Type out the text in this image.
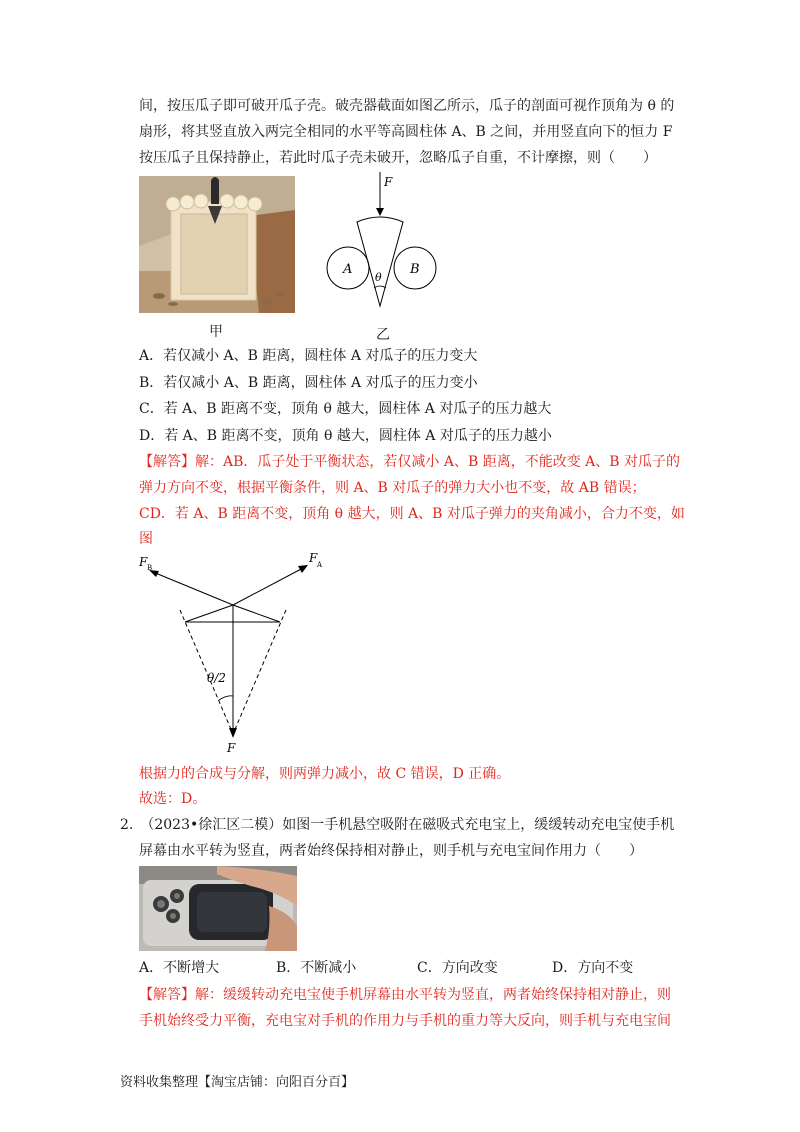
间，按压瓜子即可破开瓜子壳。破壳器截面如图乙所示，瓜子的剖面可视作顶角为 θ 的
扇形，将其竖直放入两完全相同的水平等高圆柱体 A、B 之间，并用竖直向下的恒力 F
按压瓜子且保持静止，若此时瓜子壳未破开，忽略瓜子自重，不计摩擦，则（　　）
甲
F
A	B
θ
乙
A．若仅减小 A、B 距离，圆柱体 A 对瓜子的压力变大
B．若仅减小 A、B 距离，圆柱体 A 对瓜子的压力变小
C．若 A、B 距离不变，顶角 θ 越大，圆柱体 A 对瓜子的压力越大
D．若 A、B 距离不变，顶角 θ 越大，圆柱体 A 对瓜子的压力越小
【解答】解：AB．瓜子处于平衡状态，若仅减小 A、B 距离，不能改变 A、B 对瓜子的
弹力方向不变，根据平衡条件，则 A、B 对瓜子的弹力大小也不变，故 AB 错误；
CD．若 A、B 距离不变，顶角 θ 越大，则 A、B 对瓜子弹力的夹角减小，合力不变，如
图
F B
F A
θ/2
F
根据力的合成与分解，则两弹力减小，故 C 错误，D 正确。
故选：D。
2.　（2023•徐汇区二模）如图一手机悬空吸附在磁吸式充电宝上，缓缓转动充电宝使手机
屏幕由水平转为竖直，两者始终保持相对静止，则手机与充电宝间作用力（　　）
A．不断增大	B．不断减小	C．方向改变	D．方向不变
【解答】解：缓缓转动充电宝使手机屏幕由水平转为竖直，两者始终保持相对静止，则
手机始终受力平衡，充电宝对手机的作用力与手机的重力等大反向，则手机与充电宝间
资料收集整理【淘宝店铺：向阳百分百】
